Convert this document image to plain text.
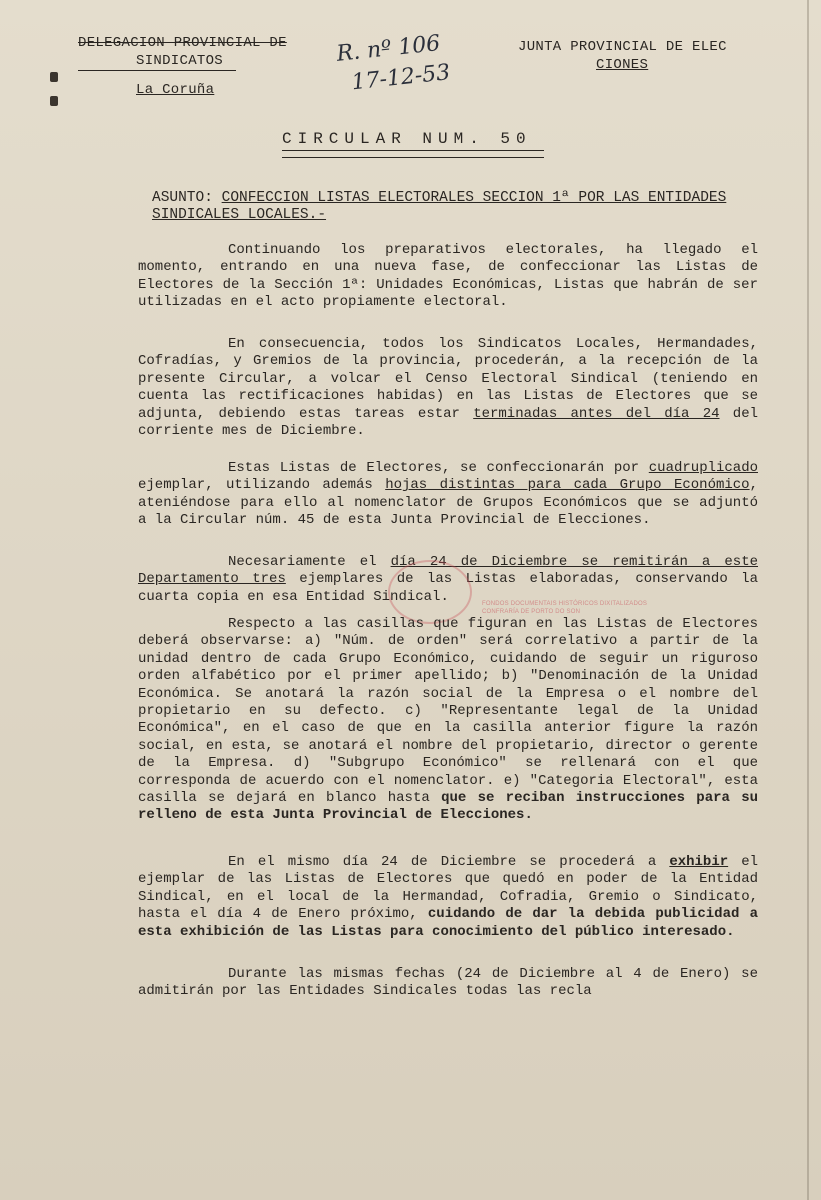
DELEGACION PROVINCIAL DE
SINDICATOS
La Coruña
R. nº 106
17-12-53
JUNTA PROVINCIAL DE ELEC
CIONES
CIRCULAR NUM. 50
ASUNTO: CONFECCION LISTAS ELECTORALES SECCION 1ª POR LAS ENTIDADES SINDICALES LOCALES.-
Continuando los preparativos electorales, ha llegado el momento, entrando en una nueva fase, de confeccionar las Listas de Electores de la Sección 1ª: Unidades Económicas, Listas que habrán de ser utilizadas en el acto propiamente electoral.
En consecuencia, todos los Sindicatos Locales, Hermandades, Cofradías, y Gremios de la provincia, procederán, a la recepción de la presente Circular, a volcar el Censo Electoral Sindical (teniendo en cuenta las rectificaciones habidas) en las Listas de Electores que se adjunta, debiendo estas tareas estar terminadas antes del día 24 del corriente mes de Diciembre.
Estas Listas de Electores, se confeccionarán por cuadruplicado ejemplar, utilizando además hojas distintas para cada Grupo Económico, ateniéndose para ello al nomenclator de Grupos Económicos que se adjuntó a la Circular núm. 45 de esta Junta Provincial de Elecciones.
Necesariamente el día 24 de Diciembre se remitirán a este Departamento tres ejemplares de las Listas elaboradas, conservando la cuarta copia en esa Entidad Sindical.	FONDOS DOCUMENTAIS HISTÓRICOS DIXITALIZADOS
CONFRARÍA DE PORTO DO SON
Respecto a las casillas que figuran en las Listas de Electores deberá observarse: a) "Núm. de orden" será correlativo a partir de la unidad dentro de cada Grupo Económico, cuidando de seguir un riguroso orden alfabético por el primer apellido; b) "Denominación de la Unidad Económica. Se anotará la razón social de la Empresa o el nombre del propietario en su defecto. c) "Representante legal de la Unidad Económica", en el caso de que en la casilla anterior figure la razón social, en esta, se anotará el nombre del propietario, director o gerente de la Empresa. d) "Subgrupo Económico" se rellenará con el que corresponda de acuerdo con el nomenclator. e) "Categoria Electoral", esta casilla se dejará en blanco hasta que se reciban instrucciones para su relleno de esta Junta Provincial de Elecciones.
En el mismo día 24 de Diciembre se procederá a exhibir el ejemplar de las Listas de Electores que quedó en poder de la Entidad Sindical, en el local de la Hermandad, Cofradia, Gremio o Sindicato, hasta el día 4 de Enero próximo, cuidando de dar la debida publicidad a esta exhibición de las Listas para conocimiento del público interesado.
Durante las mismas fechas (24 de Diciembre al 4 de Enero) se admitirán por las Entidades Sindicales todas las recla
